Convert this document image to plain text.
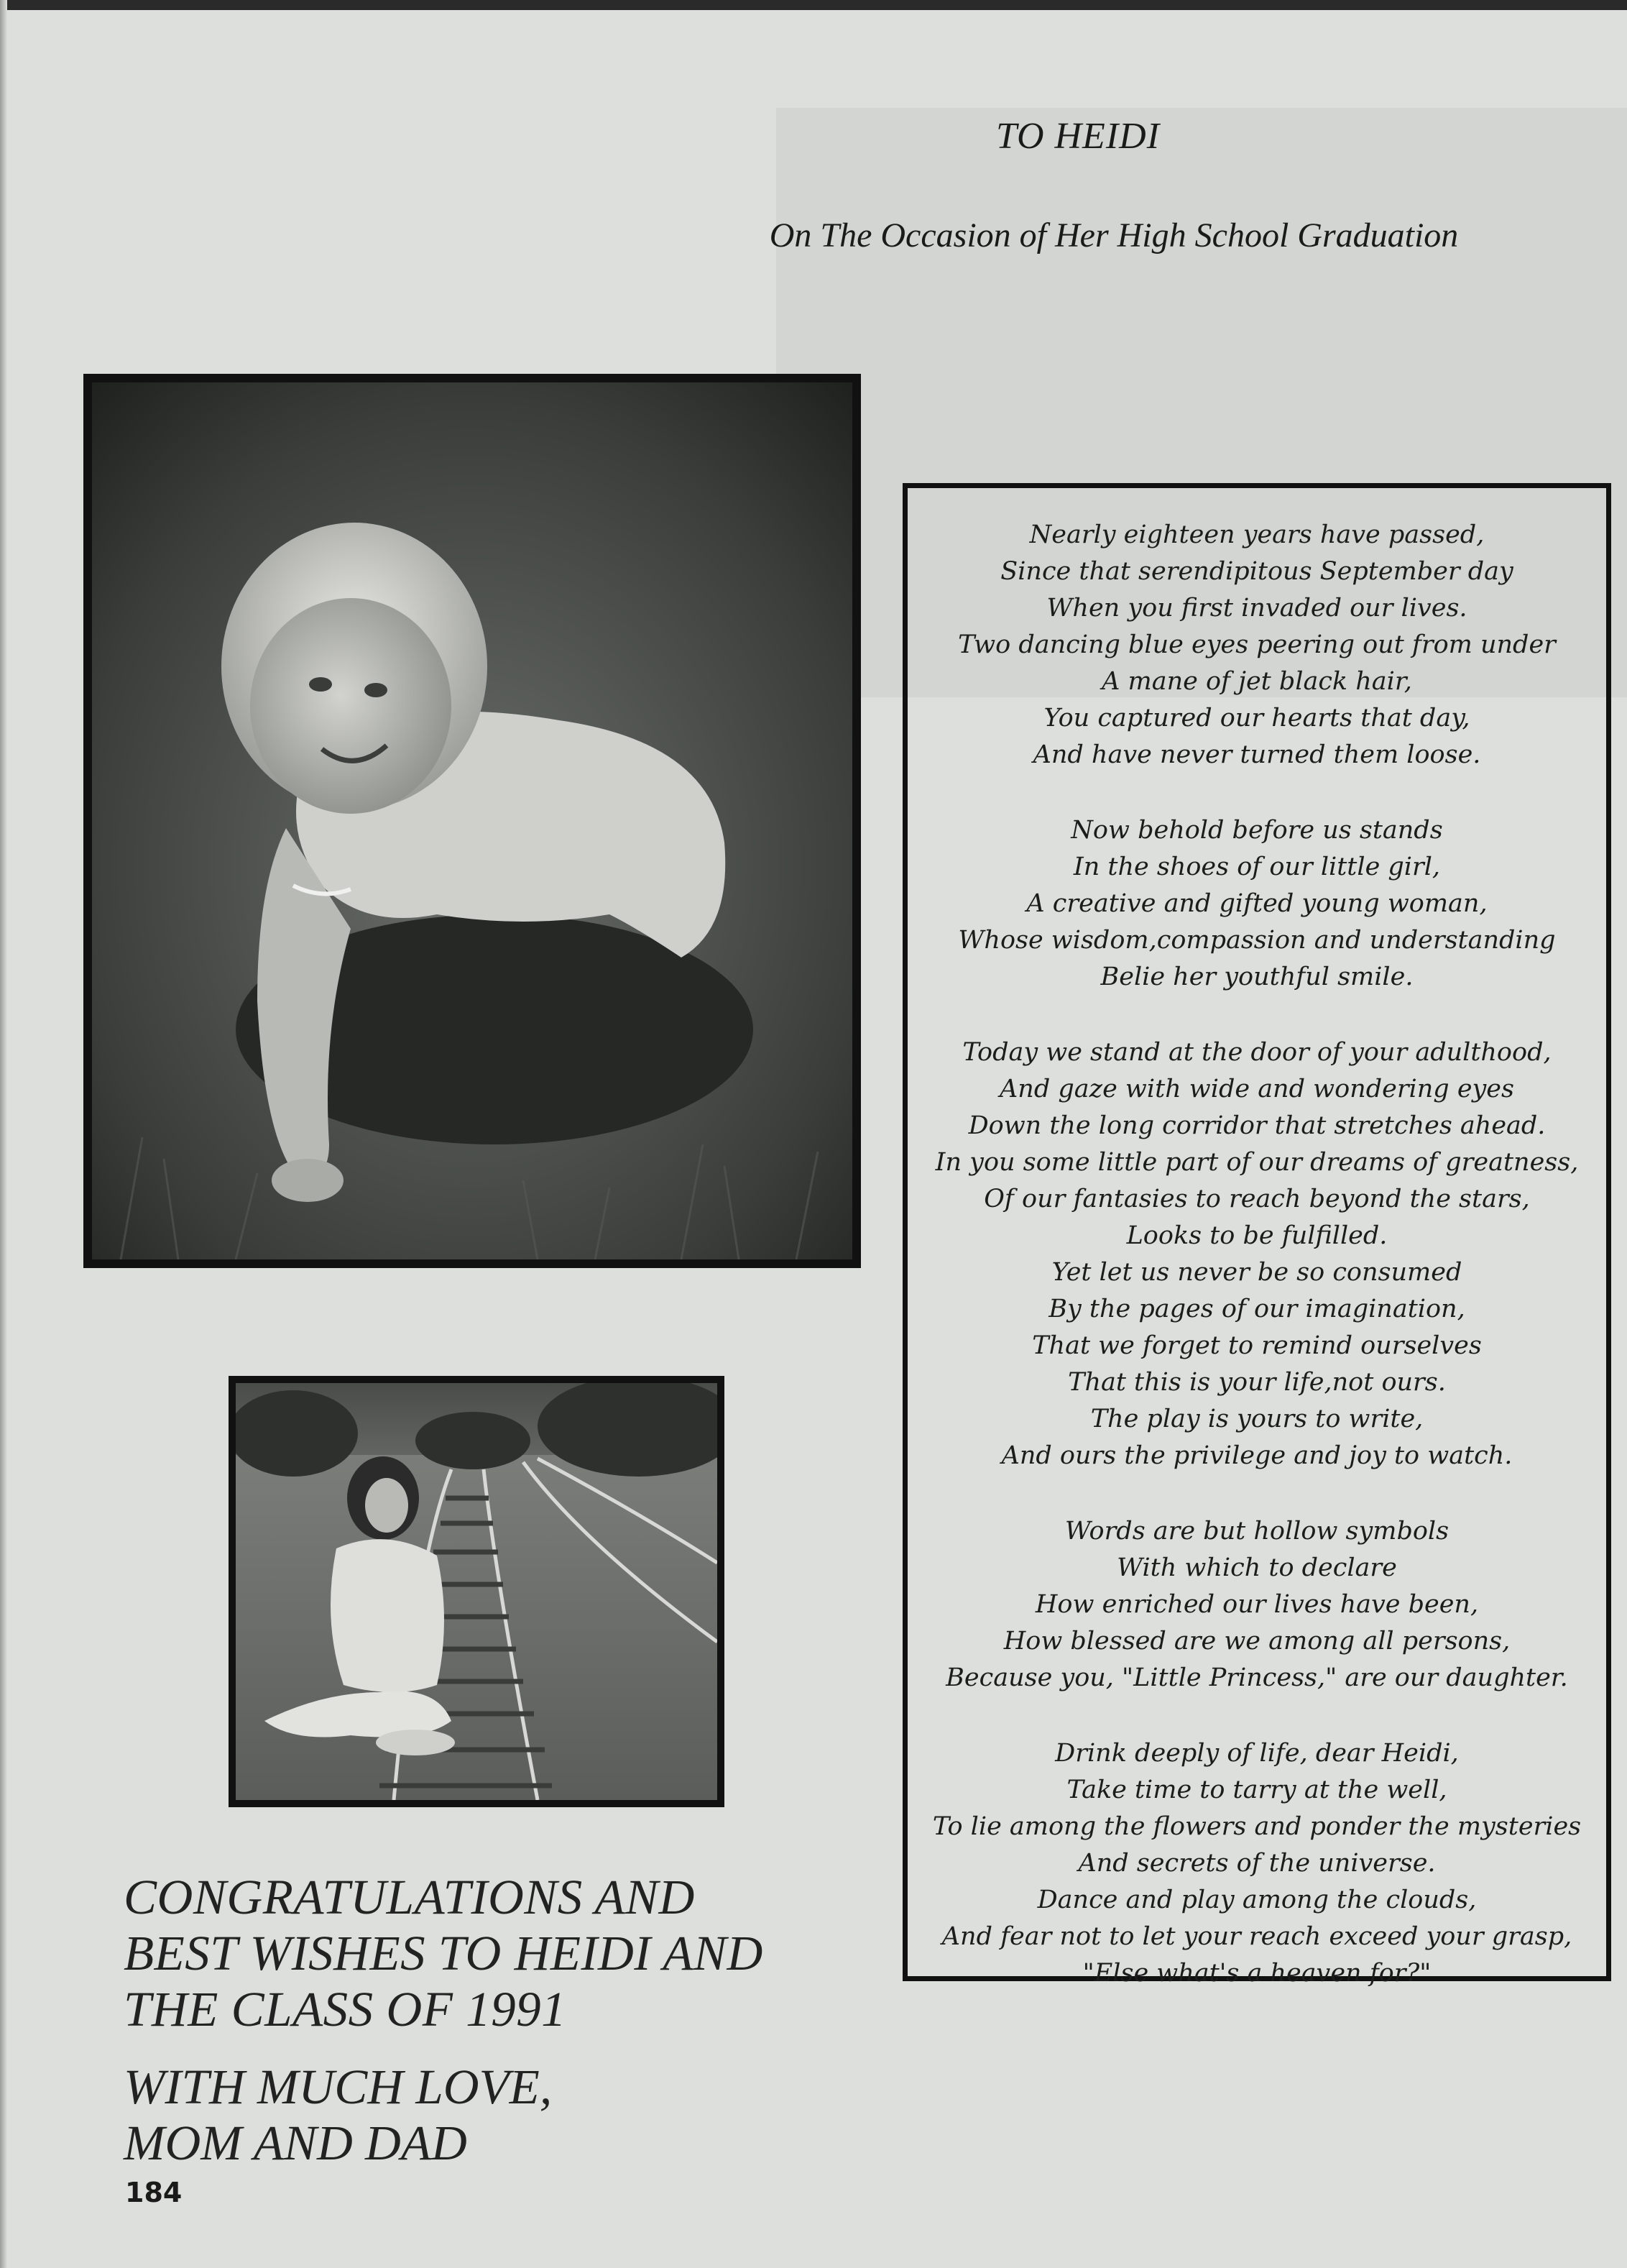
TO HEIDI
On The Occasion of Her High School Graduation
Nearly eighteen years have passed,
Since that serendipitous September day
When you first invaded our lives.
Two dancing blue eyes peering out from under
A mane of jet black hair,
You captured our hearts that day,
And have never turned them loose.
Now behold before us stands
In the shoes of our little girl,
A creative and gifted young woman,
Whose wisdom,compassion and understanding
Belie her youthful smile.
Today we stand at the door of your adulthood,
And gaze with wide and wondering eyes
Down the long corridor that stretches ahead.
In you some little part of our dreams of greatness,
Of our fantasies to reach beyond the stars,
Looks to be fulfilled.
Yet let us never be so consumed
By the pages of our imagination,
That we forget to remind ourselves
That this is your life,not ours.
The play is yours to write,
And ours the privilege and joy to watch.
Words are but hollow symbols
With which to declare
How enriched our lives have been,
How blessed are we among all persons,
Because you, "Little Princess," are our daughter.
Drink deeply of life, dear Heidi,
Take time to tarry at the well,
To lie among the flowers and ponder the mysteries
And secrets of the universe.
Dance and play among the clouds,
And fear not to let your reach exceed your grasp,
"Else what's a heaven for?"
CONGRATULATIONS AND
BEST WISHES TO HEIDI AND
THE CLASS OF 1991
WITH MUCH LOVE,
MOM AND DAD
184
